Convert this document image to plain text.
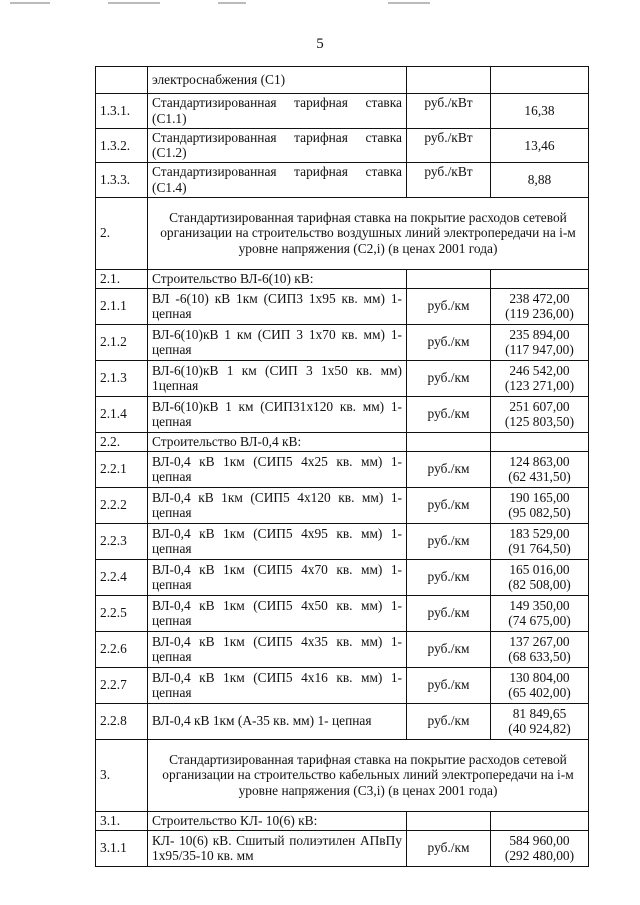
5
	электроснабжения (С1)		

1.3.1.	Стандартизированная тарифная ставка (С1.1)	руб./кВт	16,38

1.3.2.	Стандартизированная тарифная ставка (С1.2)	руб./кВт	13,46

1.3.3.	Стандартизированная тарифная ставка (С1.4)	руб./кВт	8,88

2.	Стандартизированная тарифная ставка на покрытие расходов сетевой организации на строительство воздушных линий электропередачи на i-м уровне напряжения (С2,i) (в ценах 2001 года)		
2.1.	Строительство ВЛ-6(10) кВ:		
2.1.1	ВЛ -6(10) кВ 1км (СИП3 1х95 кв. мм) 1-цепная	руб./км	238 472,00
(119 236,00)

2.1.2	ВЛ-6(10)кВ 1 км (СИП 3 1х70 кв. мм) 1-цепная	руб./км	235 894,00
(117 947,00)

2.1.3	ВЛ-6(10)кВ 1 км (СИП 3 1х50 кв. мм) 1цепная	руб./км	246 542,00
(123 271,00)

2.1.4	ВЛ-6(10)кВ 1 км (СИП31х120 кв. мм) 1-цепная	руб./км	251 607,00
(125 803,50)

2.2.	Строительство ВЛ-0,4 кВ:		
2.2.1	ВЛ-0,4 кВ 1км (СИП5 4х25 кв. мм) 1-цепная	руб./км	124 863,00
(62 431,50)

2.2.2	ВЛ-0,4 кВ 1км (СИП5 4х120 кв. мм) 1- цепная	руб./км	190 165,00
(95 082,50)

2.2.3	ВЛ-0,4 кВ 1км (СИП5 4х95 кв. мм) 1-цепная	руб./км	183 529,00
(91 764,50)

2.2.4	ВЛ-0,4 кВ 1км (СИП5 4х70 кв. мм) 1-цепная	руб./км	165 016,00
(82 508,00)

2.2.5	ВЛ-0,4 кВ 1км (СИП5 4х50 кв. мм) 1-цепная	руб./км	149 350,00
(74 675,00)

2.2.6	ВЛ-0,4 кВ 1км (СИП5 4х35 кв. мм) 1-цепная	руб./км	137 267,00
(68 633,50)

2.2.7	ВЛ-0,4 кВ 1км (СИП5 4х16 кв. мм) 1-цепная	руб./км	130 804,00
(65 402,00)

2.2.8	ВЛ-0,4 кВ 1км (А-35 кв. мм) 1- цепная	руб./км	81 849,65
(40 924,82)

3.	Стандартизированная тарифная ставка на покрытие расходов сетевой организации на строительство кабельных линий электропередачи на i-м уровне напряжения (С3,i) (в ценах 2001 года)		
3.1.	Строительство КЛ- 10(6) кВ:		
3.1.1	КЛ- 10(6) кВ. Сшитый полиэтилен АПвПу 1х95/35-10 кв. мм	руб./км	584 960,00
(292 480,00)
